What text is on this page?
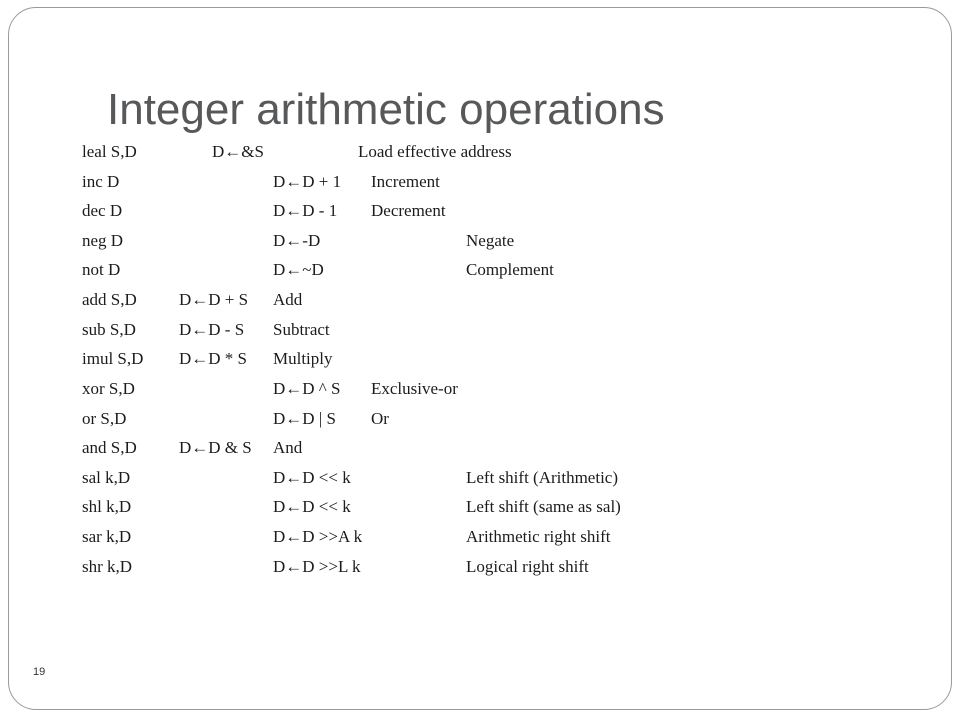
Integer arithmetic operations
leal S,D	D←&S	Load effective address
inc D	D←D + 1 Increment
dec D	D←D - 1 Decrement
neg D	D←-D	Negate
not D	D←~D	Complement
add S,D D←D + S Add
sub S,D	D←D - S Subtract
imul S,D D←D * S Multiply
xor S,D	D←D ^ S Exclusive-or
or S,D	D←D | S Or
and S,D D←D & S And
sal k,D	D←D << k	Left shift (Arithmetic)
shl k,D	D←D << k	Left shift (same as sal)
sar k,D	D←D >>A k	Arithmetic right shift
shr k,D	D←D >>L k	Logical right shift
19
